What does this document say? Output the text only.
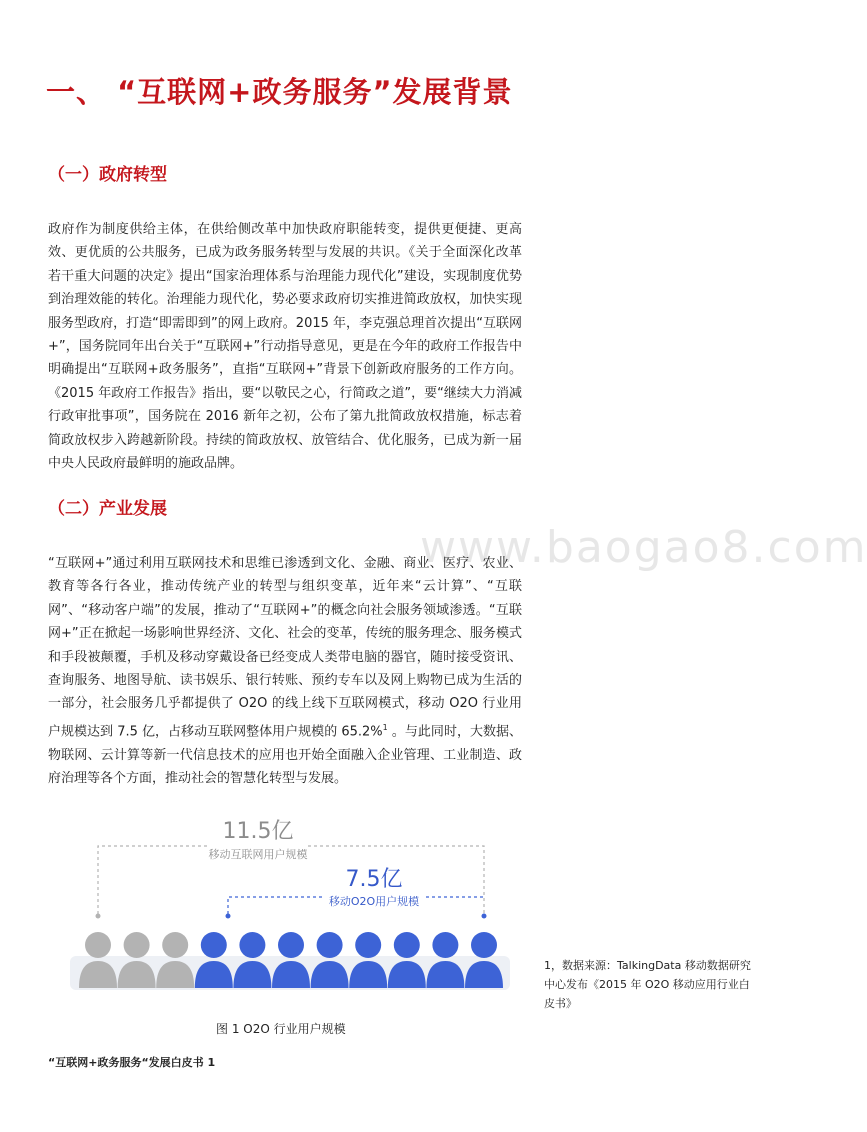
一、 “互联网+政务服务”发展背景
（一）政府转型
政府作为制度供给主体，在供给侧改革中加快政府职能转变，提供更便捷、更高效、更优质的公共服务，已成为政务服务转型与发展的共识。《关于全面深化改革若干重大问题的决定》提出“国家治理体系与治理能力现代化”建设，实现制度优势到治理效能的转化。治理能力现代化，势必要求政府切实推进简政放权，加快实现服务型政府，打造“即需即到”的网上政府。2015 年，李克强总理首次提出“互联网+”，国务院同年出台关于“互联网+”行动指导意见，更是在今年的政府工作报告中明确提出“互联网+政务服务”，直指“互联网+”背景下创新政府服务的工作方向。《2015 年政府工作报告》指出，要“以敬民之心，行简政之道”，要“继续大力消减行政审批事项”，国务院在 2016 新年之初，公布了第九批简政放权措施，标志着简政放权步入跨越新阶段。持续的简政放权、放管结合、优化服务，已成为新一届中央人民政府最鲜明的施政品牌。
（二）产业发展
www.baogao8.com
“互联网+”通过利用互联网技术和思维已渗透到文化、金融、商业、医疗、农业、教育等各行各业，推动传统产业的转型与组织变革，近年来“云计算”、“互联网”、“移动客户端”的发展，推动了“互联网+”的概念向社会服务领域渗透。“互联网+”正在掀起一场影响世界经济、文化、社会的变革，传统的服务理念、服务模式和手段被颠覆，手机及移动穿戴设备已经变成人类带电脑的器官，随时接受资讯、查询服务、地图导航、读书娱乐、银行转账、预约专车以及网上购物已成为生活的一部分，社会服务几乎都提供了 O2O 的线上线下互联网模式，移动 O2O 行业用户规模达到 7.5 亿，占移动互联网整体用户规模的 65.2%$^1$ 。与此同时，大数据、物联网、云计算等新一代信息技术的应用也开始全面融入企业管理、工业制造、政府治理等各个方面，推动社会的智慧化转型与发展。
11.5亿
移动互联网用户规模
7.5亿
移动O2O用户规模
图 1 O2O 行业用户规模
1，数据来源：TalkingData 移动数据研究中心发布《2015 年 O2O 移动应用行业白皮书》
“互联网+政务服务“发展白皮书 1
